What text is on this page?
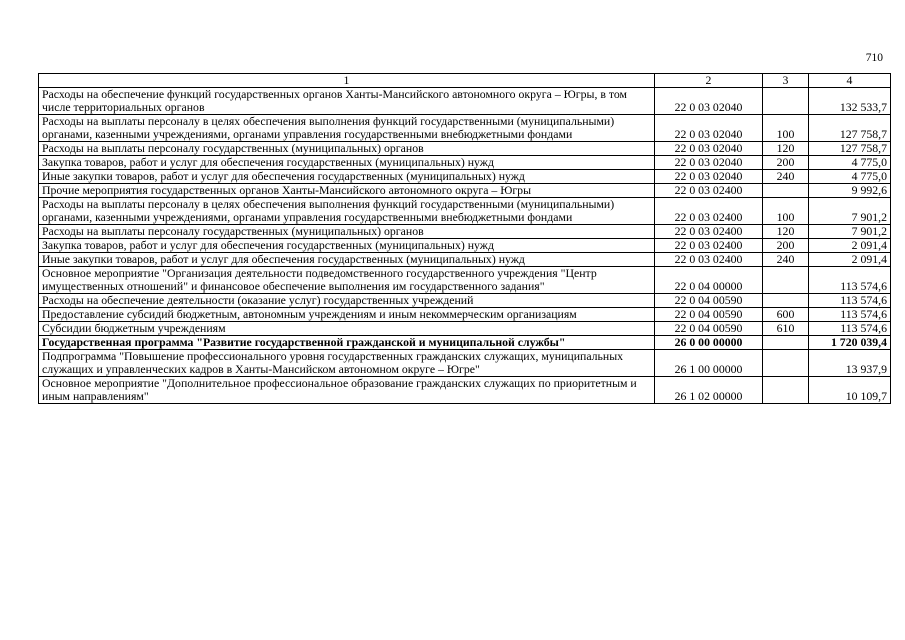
710
1	2	3	4
Расходы на обеспечение функций государственных органов Ханты-Мансийского автономного округа – Югры, в том числе территориальных органов	22 0 03 02040		132 533,7
Расходы на выплаты персоналу в целях обеспечения выполнения функций государственными (муниципальными) органами, казенными учреждениями, органами управления государственными внебюджетными фондами	22 0 03 02040	100	127 758,7
Расходы на выплаты персоналу государственных (муниципальных) органов	22 0 03 02040	120	127 758,7
Закупка товаров, работ и услуг для обеспечения государственных (муниципальных) нужд	22 0 03 02040	200	4 775,0
Иные закупки товаров, работ и услуг для обеспечения государственных (муниципальных) нужд	22 0 03 02040	240	4 775,0
Прочие мероприятия государственных органов Ханты-Мансийского автономного округа – Югры	22 0 03 02400		9 992,6
Расходы на выплаты персоналу в целях обеспечения выполнения функций государственными (муниципальными) органами, казенными учреждениями, органами управления государственными внебюджетными фондами	22 0 03 02400	100	7 901,2
Расходы на выплаты персоналу государственных (муниципальных) органов	22 0 03 02400	120	7 901,2
Закупка товаров, работ и услуг для обеспечения государственных (муниципальных) нужд	22 0 03 02400	200	2 091,4
Иные закупки товаров, работ и услуг для обеспечения государственных (муниципальных) нужд	22 0 03 02400	240	2 091,4
Основное мероприятие "Организация деятельности подведомственного государственного учреждения "Центр имущественных отношений" и финансовое обеспечение выполнения им государственного задания"	22 0 04 00000		113 574,6
Расходы на обеспечение деятельности (оказание услуг) государственных учреждений	22 0 04 00590		113 574,6
Предоставление субсидий бюджетным, автономным учреждениям и иным некоммерческим организациям	22 0 04 00590	600	113 574,6
Субсидии бюджетным учреждениям	22 0 04 00590	610	113 574,6
Государственная программа "Развитие государственной гражданской и муниципальной службы"	26 0 00 00000		1 720 039,4
Подпрограмма "Повышение профессионального уровня государственных гражданских служащих, муниципальных служащих и управленческих кадров в Ханты-Мансийском автономном округе – Югре"	26 1 00 00000		13 937,9
Основное мероприятие "Дополнительное профессиональное образование гражданских служащих по приоритетным и иным направлениям"	26 1 02 00000		10 109,7
